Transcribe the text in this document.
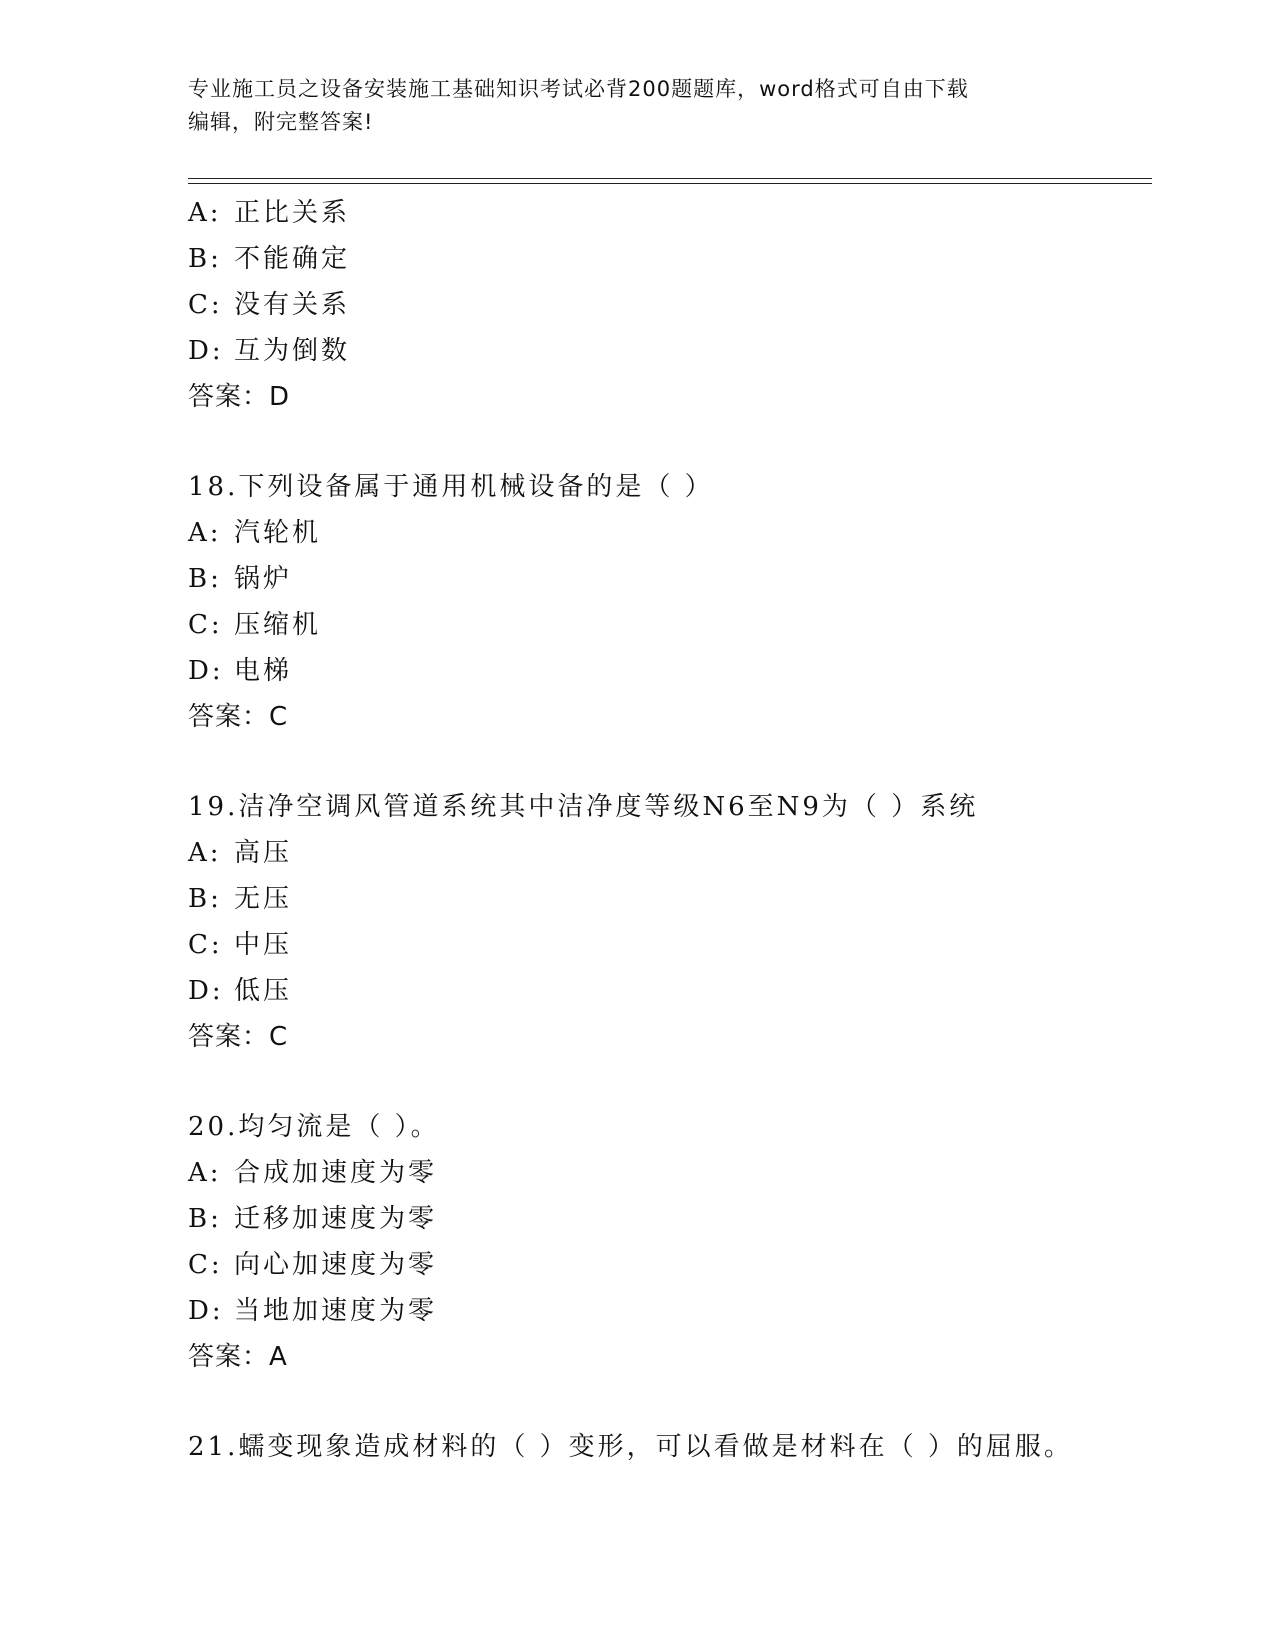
专业施工员之设备安装施工基础知识考试必背200题题库，word格式可自由下载
编辑，附完整答案!
A: 正比关系
B: 不能确定
C: 没有关系
D: 互为倒数
答案：D
18.下列设备属于通用机械设备的是（ ）
A: 汽轮机
B: 锅炉
C: 压缩机
D: 电梯
答案：C
19.洁净空调风管道系统其中洁净度等级N6至N9为（ ）系统
A: 高压
B: 无压
C: 中压
D: 低压
答案：C
20.均匀流是（ ）。
A: 合成加速度为零
B: 迁移加速度为零
C: 向心加速度为零
D: 当地加速度为零
答案：A
21.蠕变现象造成材料的（ ）变形，可以看做是材料在（ ）的屈服。
